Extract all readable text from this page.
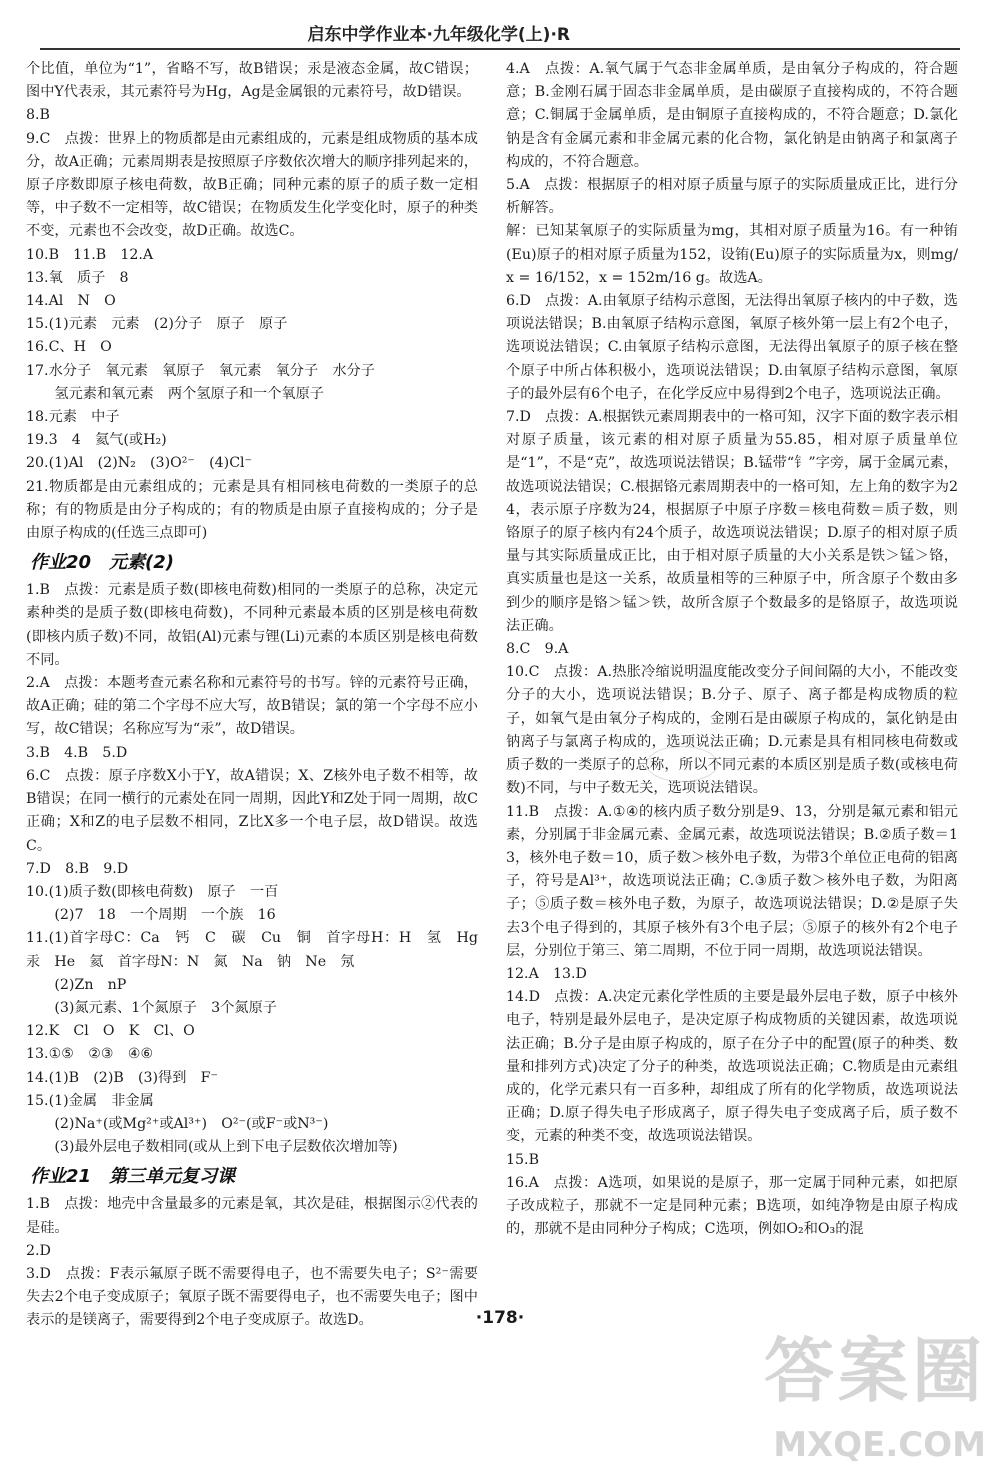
启东中学作业本·九年级化学(上)·R

个比值，单位为“1”，省略不写，故B错误；汞是液态金属，故C错误；图中Y代表汞，其元素符号为Hg，Ag是金属银的元素符号，故D错误。

8.B

9.C　点拨：世界上的物质都是由元素组成的，元素是组成物质的基本成分，故A正确；元素周期表是按照原子序数依次增大的顺序排列起来的，原子序数即原子核电荷数，故B正确；同种元素的原子的质子数一定相等，中子数不一定相等，故C错误；在物质发生化学变化时，原子的种类不变，元素也不会改变，故D正确。故选C。

10.B　11.B　12.A

13.氧　质子　8

14.Al　N　O

15.(1)元素　元素　(2)分子　原子　原子

16.C、H　O

17.水分子　氧元素　氧原子　氧元素　氧分子　水分子

　　氢元素和氧元素　两个氢原子和一个氧原子

18.元素　中子

19.3　4　氦气(或H₂)

20.(1)Al　(2)N₂　(3)O²⁻　(4)Cl⁻

21.物质都是由元素组成的；元素是具有相同核电荷数的一类原子的总称；有的物质是由分子构成的；有的物质是由原子直接构成的；分子是由原子构成的(任选三点即可)

作业20　元素(2)

1.B　点拨：元素是质子数(即核电荷数)相同的一类原子的总称，决定元素种类的是质子数(即核电荷数)，不同种元素最本质的区别是核电荷数(即核内质子数)不同，故铝(Al)元素与锂(Li)元素的本质区别是核电荷数不同。

2.A　点拨：本题考查元素名称和元素符号的书写。锌的元素符号正确，故A正确；硅的第二个字母不应大写，故B错误；氯的第一个字母不应小写，故C错误；名称应写为“汞”，故D错误。

3.B　4.B　5.D

6.C　点拨：原子序数X小于Y，故A错误；X、Z核外电子数不相等，故B错误；在同一横行的元素处在同一周期，因此Y和Z处于同一周期，故C正确；X和Z的电子层数不相同，Z比X多一个电子层，故D错误。故选C。

7.D　8.B　9.D

10.(1)质子数(即核电荷数)　原子　一百

　　(2)7　18　一个周期　一个族　16

11.(1)首字母C：Ca　钙　C　碳　Cu　铜　首字母H：H　氢　Hg　汞　He　氦　首字母N：N　氮　Na　钠　Ne　氖

　　(2)Zn　nP

　　(3)氮元素、1个氮原子　3个氮原子

12.K　Cl　O　K　Cl、O

13.①⑤　②③　④⑥

14.(1)B　(2)B　(3)得到　F⁻

15.(1)金属　非金属

　　(2)Na⁺(或Mg²⁺或Al³⁺)　O²⁻(或F⁻或N³⁻)

　　(3)最外层电子数相同(或从上到下电子层数依次增加等)

作业21　第三单元复习课

1.B　点拨：地壳中含量最多的元素是氧，其次是硅，根据图示②代表的是硅。

2.D

3.D　点拨：F表示氟原子既不需要得电子，也不需要失电子；S²⁻需要失去2个电子变成原子；氧原子既不需要得电子，也不需要失电子；图中表示的是镁离子，需要得到2个电子变成原子。故选D。

4.A　点拨：A.氧气属于气态非金属单质，是由氧分子构成的，符合题意；B.金刚石属于固态非金属单质，是由碳原子直接构成的，不符合题意；C.铜属于金属单质，是由铜原子直接构成的，不符合题意；D.氯化钠是含有金属元素和非金属元素的化合物，氯化钠是由钠离子和氯离子构成的，不符合题意。

5.A　点拨：根据原子的相对原子质量与原子的实际质量成正比，进行分析解答。

解：已知某氧原子的实际质量为mg，其相对原子质量为16。有一种铕(Eu)原子的相对原子质量为152，设铕(Eu)原子的实际质量为x，则mg/x = 16/152，x = 152m/16 g。故选A。

6.D　点拨：A.由氧原子结构示意图，无法得出氧原子核内的中子数，选项说法错误；B.由氧原子结构示意图，氧原子核外第一层上有2个电子，选项说法错误；C.由氧原子结构示意图，无法得出氧原子的原子核在整个原子中所占体积极小，选项说法错误；D.由氧原子结构示意图，氧原子的最外层有6个电子，在化学反应中易得到2个电子，选项说法正确。

7.D　点拨：A.根据铁元素周期表中的一格可知，汉字下面的数字表示相对原子质量，该元素的相对原子质量为55.85，相对原子质量单位是“1”，不是“克”，故选项说法错误；B.锰带“钅”字旁，属于金属元素，故选项说法错误；C.根据铬元素周期表中的一格可知，左上角的数字为24，表示原子序数为24，根据原子中原子序数＝核电荷数＝质子数，则铬原子的原子核内有24个质子，故选项说法错误；D.原子的相对原子质量与其实际质量成正比，由于相对原子质量的大小关系是铁＞锰＞铬，真实质量也是这一关系，故质量相等的三种原子中，所含原子个数由多到少的顺序是铬＞锰＞铁，故所含原子个数最多的是铬原子，故选项说法正确。

8.C　9.A

10.C　点拨：A.热胀冷缩说明温度能改变分子间间隔的大小，不能改变分子的大小，选项说法错误；B.分子、原子、离子都是构成物质的粒子，如氧气是由氧分子构成的，金刚石是由碳原子构成的，氯化钠是由钠离子与氯离子构成的，选项说法正确；D.元素是具有相同核电荷数或质子数的一类原子的总称，所以不同元素的本质区别是质子数(或核电荷数)不同，与中子数无关，选项说法错误。

11.B　点拨：A.①④的核内质子数分别是9、13，分别是氟元素和铝元素，分别属于非金属元素、金属元素，故选项说法错误；B.②质子数＝13，核外电子数＝10，质子数＞核外电子数，为带3个单位正电荷的铝离子，符号是Al³⁺，故选项说法正确；C.③质子数＞核外电子数，为阳离子；⑤质子数＝核外电子数，为原子，故选项说法错误；D.②是原子失去3个电子得到的，其原子核外有3个电子层；⑤原子的核外有2个电子层，分别位于第三、第二周期，不位于同一周期，故选项说法错误。

12.A　13.D

14.D　点拨：A.决定元素化学性质的主要是最外层电子数，原子中核外电子，特别是最外层电子，是决定原子构成物质的关键因素，故选项说法正确；B.分子是由原子构成的，原子在分子中的配置(原子的种类、数量和排列方式)决定了分子的种类，故选项说法正确；C.物质是由元素组成的，化学元素只有一百多种，却组成了所有的化学物质，故选项说法正确；D.原子得失电子形成离子，原子得失电子变成离子后，质子数不变，元素的种类不变，故选项说法错误。

15.B

16.A　点拨：A选项，如果说的是原子，那一定属于同种元素，如把原子改成粒子，那就不一定是同种元素；B选项，如纯净物是由原子构成的，那就不是由同种分子构成；C选项，例如O₂和O₃的混

·178·
答案圈
MXQE.COM
